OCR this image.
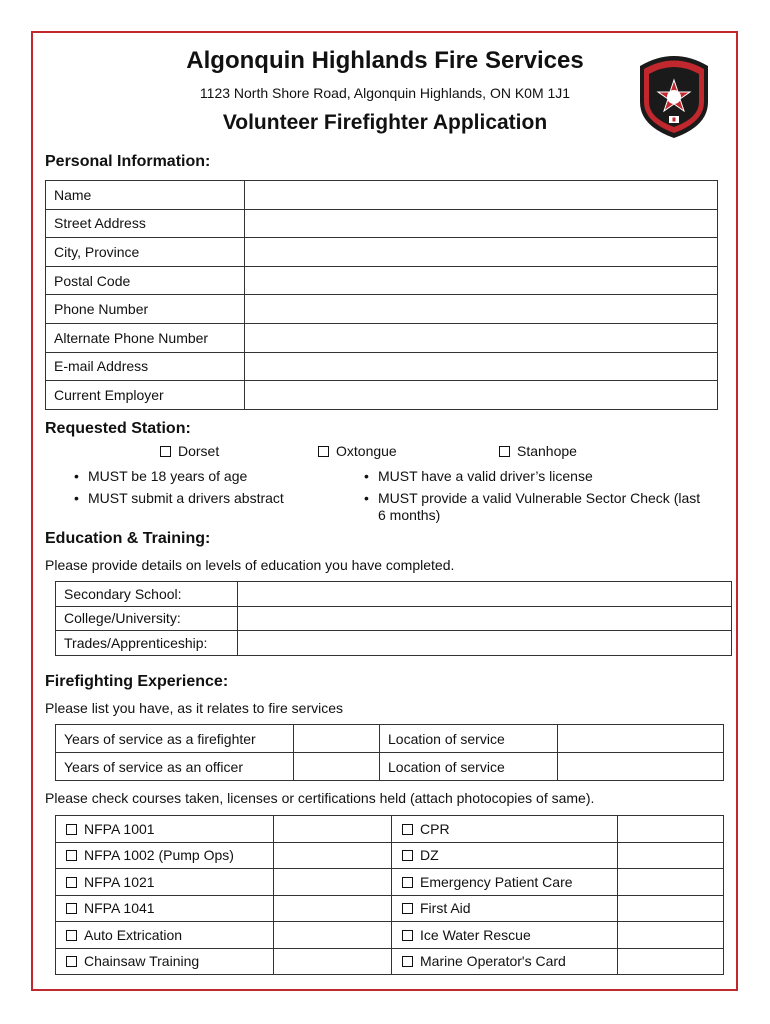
Algonquin Highlands Fire Services
1123 North Shore Road, Algonquin Highlands, ON K0M 1J1
Volunteer Firefighter Application
Personal Information:
Name	
Street Address	
City, Province	
Postal Code	
Phone Number	
Alternate Phone Number	
E-mail Address	
Current Employer	
Requested Station:
Dorset	Oxtongue	Stanhope
• MUST be 18 years of age
• MUST submit a drivers abstract
• MUST have a valid driver’s license
• MUST provide a valid Vulnerable Sector Check (last 6 months)
Education & Training:
Please provide details on levels of education you have completed.
Secondary School:	
College/University:	
Trades/Apprenticeship:	
Firefighting Experience:
Please list you have, as it relates to fire services
Years of service as a firefighter		Location of service	
Years of service as an officer		Location of service	
Please check courses taken, licenses or certifications held (attach photocopies of same).
NFPA 1001		CPR	
NFPA 1002 (Pump Ops)		DZ	
NFPA 1021		Emergency Patient Care	
NFPA 1041		First Aid	
Auto Extrication		Ice Water Rescue	
Chainsaw Training		Marine Operator's Card	
